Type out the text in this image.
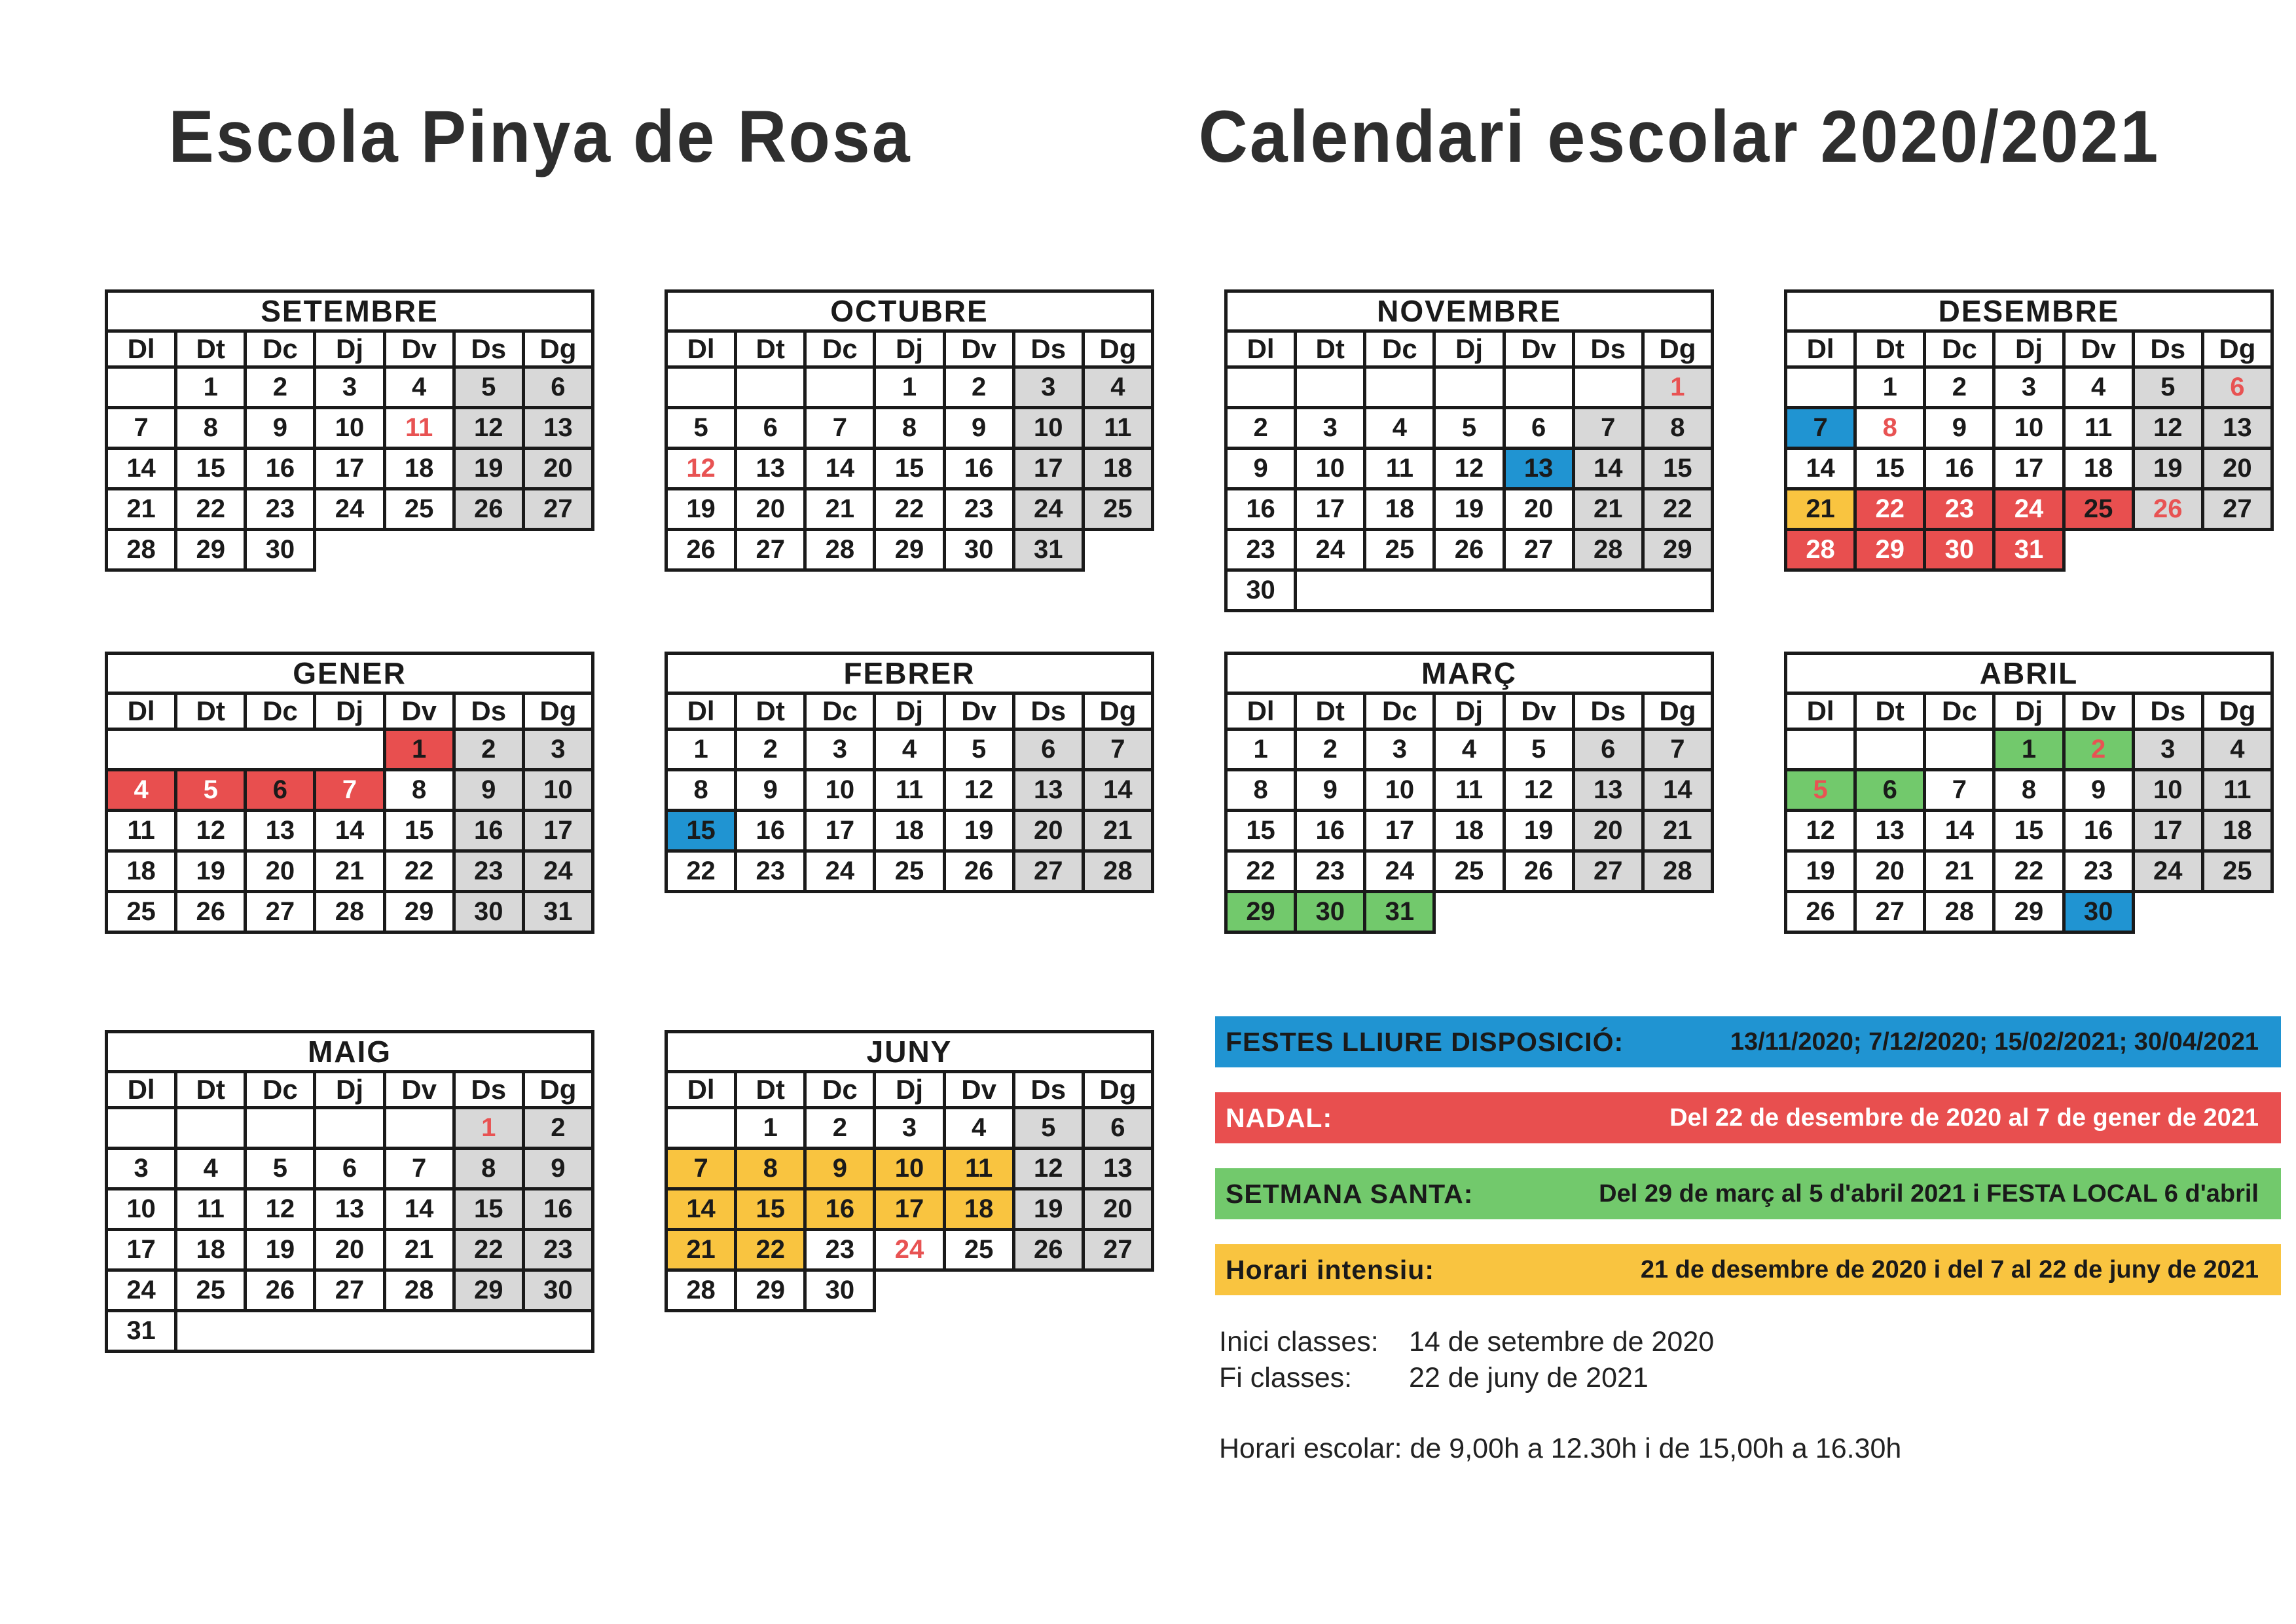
Escola Pinya de Rosa	Calendari escolar 2020/2021
SETEMBRE						
Dl	Dt	Dc	Dj	Dv	Ds	Dg
	1	2	3	4	5	6
7	8	9	10	11	12	13
14	15	16	17	18	19	20
21	22	23	24	25	26	27
28	29	30				

OCTUBRE						
Dl	Dt	Dc	Dj	Dv	Ds	Dg
			1	2	3	4
5	6	7	8	9	10	11
12	13	14	15	16	17	18
19	20	21	22	23	24	25
26	27	28	29	30	31	

NOVEMBRE						
Dl	Dt	Dc	Dj	Dv	Ds	Dg
						1
2	3	4	5	6	7	8
9	10	11	12	13	14	15
16	17	18	19	20	21	22
23	24	25	26	27	28	29
30						

DESEMBRE						
Dl	Dt	Dc	Dj	Dv	Ds	Dg
	1	2	3	4	5	6
7	8	9	10	11	12	13
14	15	16	17	18	19	20
21	22	23	24	25	26	27
28	29	30	31			

GENER						
Dl	Dt	Dc	Dj	Dv	Ds	Dg
				1	2	3
4	5	6	7	8	9	10
11	12	13	14	15	16	17
18	19	20	21	22	23	24
25	26	27	28	29	30	31

FEBRER						
Dl	Dt	Dc	Dj	Dv	Ds	Dg
1	2	3	4	5	6	7
8	9	10	11	12	13	14
15	16	17	18	19	20	21
22	23	24	25	26	27	28

MARÇ						
Dl	Dt	Dc	Dj	Dv	Ds	Dg
1	2	3	4	5	6	7
8	9	10	11	12	13	14
15	16	17	18	19	20	21
22	23	24	25	26	27	28
29	30	31				

ABRIL						
Dl	Dt	Dc	Dj	Dv	Ds	Dg
			1	2	3	4
5	6	7	8	9	10	11
12	13	14	15	16	17	18
19	20	21	22	23	24	25
26	27	28	29	30		

MAIG						
Dl	Dt	Dc	Dj	Dv	Ds	Dg
					1	2
3	4	5	6	7	8	9
10	11	12	13	14	15	16
17	18	19	20	21	22	23
24	25	26	27	28	29	30
31						

JUNY						
Dl	Dt	Dc	Dj	Dv	Ds	Dg
	1	2	3	4	5	6
7	8	9	10	11	12	13
14	15	16	17	18	19	20
21	22	23	24	25	26	27
28	29	30				

FESTES LLIURE DISPOSICIÓ:	13/11/2020; 7/12/2020; 15/02/2021; 30/04/2021
NADAL:	Del 22 de desembre de 2020 al 7 de gener de 2021
SETMANA SANTA:	Del 29 de març al 5 d'abril 2021 i FESTA LOCAL 6 d'abril
Horari intensiu:	21 de desembre de 2020 i del 7 al 22 de juny de 2021
Inici classes: 14 de setembre de 2020
Fi classes: 22 de juny de 2021
Horari escolar: de 9,00h a 12.30h i de 15,00h a 16.30h
